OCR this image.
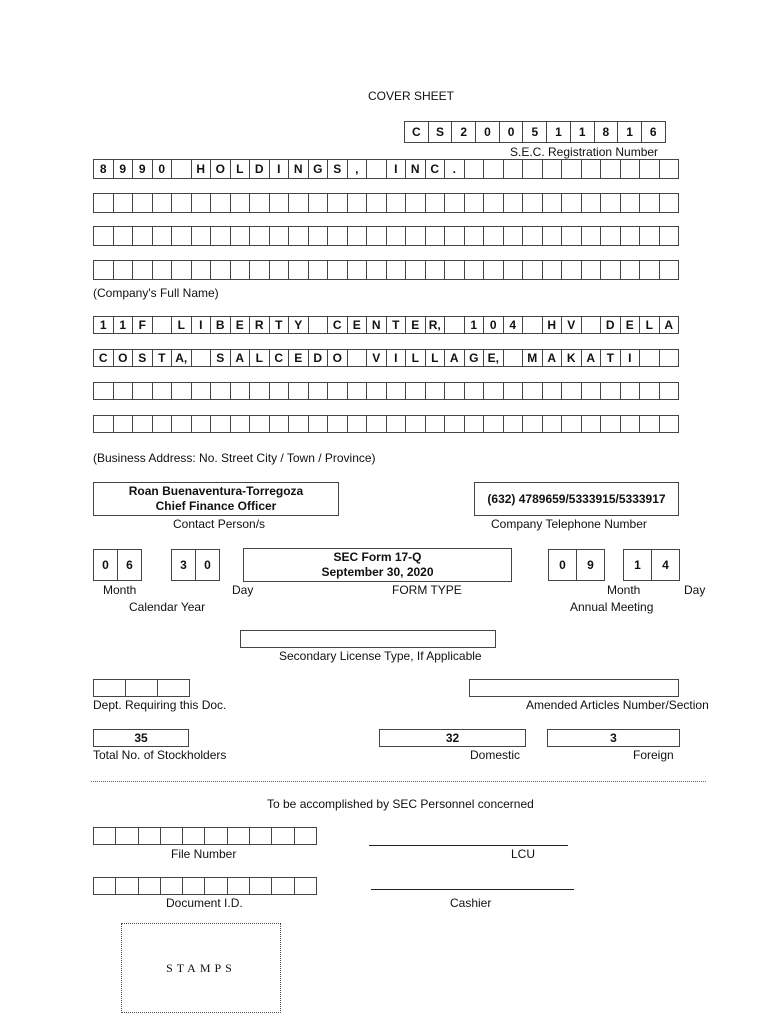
COVER SHEET
C	S	2	0	0	5	1	1	8	1	6
S.E.C. Registration Number
8	9	9	0	H O L D	I	N G S	,	I	N C	.
(Company's Full Name)
1	1	F	L	I	B E R T Y	C E N T E R,	1	0	4	H V	D E L A
C O S T A,	S A L C E D O	V	I	L	L A G E,	M A K A T	I
(Business Address: No. Street City / Town / Province)
Roan Buenaventura-Torregoza
Chief Finance Officer
Contact Person/s
(632) 4789659/5333915/5333917
Company Telephone Number
0	6	3	0
Month	Day
Calendar Year
SEC Form 17-Q
September 30, 2020
FORM TYPE
0	9	1	4
Month	Day
Annual Meeting
Secondary License Type, If Applicable
Dept. Requiring this Doc.	Amended Articles Number/Section
35
Total No. of Stockholders
32
Domestic
3
Foreign
To be accomplished by SEC Personnel concerned
File Number	LCU
Document I.D.	Cashier
STAMPS
